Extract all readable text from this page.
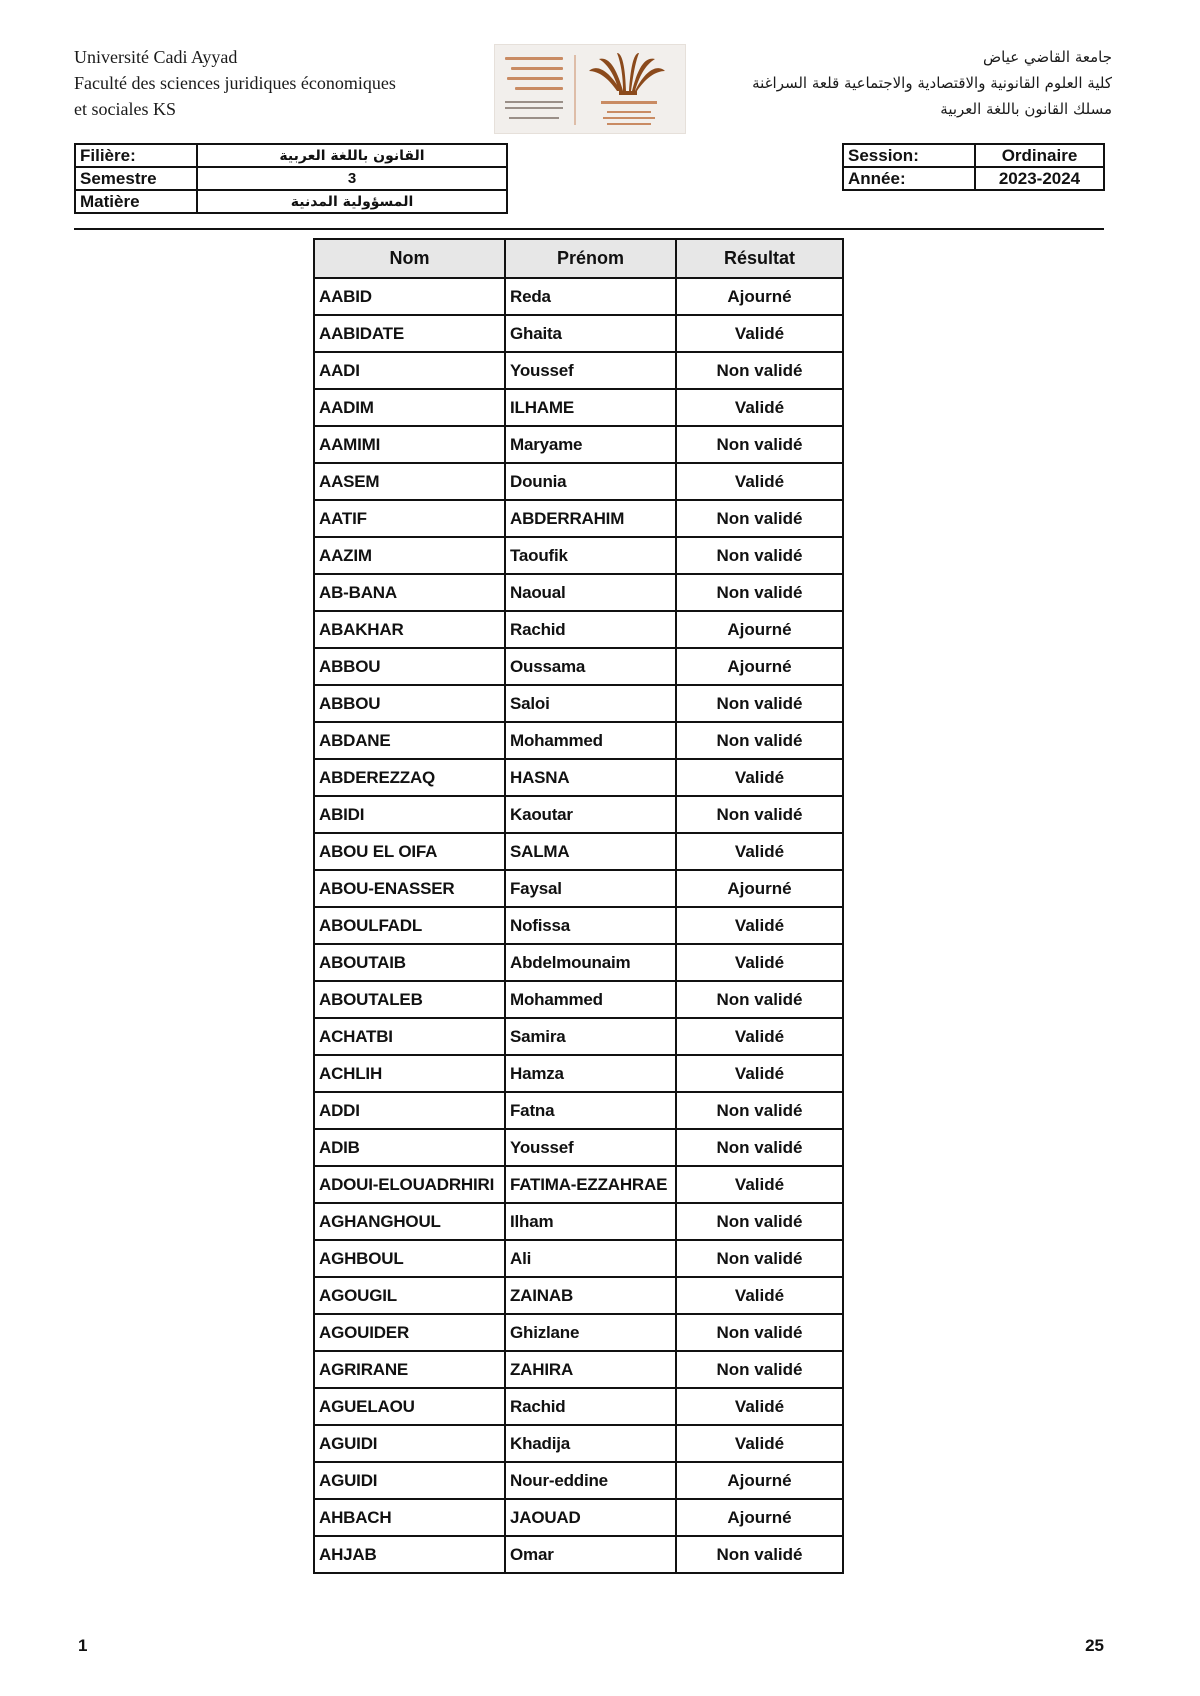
Université Cadi Ayyad
Faculté des sciences juridiques économiques
et sociales KS
جامعة القاضي عياض
كلية العلوم القانونية والاقتصادية والاجتماعية قلعة السراغنة
مسلك القانون باللغة العربية
Filière:	القانون باللغة العربية
Semestre	3
Matière	المسؤولية المدنية
Session:	Ordinaire
Année:	2023-2024
Nom	Prénom	Résultat
AABID	Reda	Ajourné
AABIDATE	Ghaita	Validé
AADI	Youssef	Non validé
AADIM	ILHAME	Validé
AAMIMI	Maryame	Non validé
AASEM	Dounia	Validé
AATIF	ABDERRAHIM	Non validé
AAZIM	Taoufik	Non validé
AB-BANA	Naoual	Non validé
ABAKHAR	Rachid	Ajourné
ABBOU	Oussama	Ajourné
ABBOU	Saloi	Non validé
ABDANE	Mohammed	Non validé
ABDEREZZAQ	HASNA	Validé
ABIDI	Kaoutar	Non validé
ABOU EL OIFA	SALMA	Validé
ABOU-ENASSER	Faysal	Ajourné
ABOULFADL	Nofissa	Validé
ABOUTAIB	Abdelmounaim	Validé
ABOUTALEB	Mohammed	Non validé
ACHATBI	Samira	Validé
ACHLIH	Hamza	Validé
ADDI	Fatna	Non validé
ADIB	Youssef	Non validé
ADOUI-ELOUADRHIRI	FATIMA-EZZAHRAE	Validé
AGHANGHOUL	Ilham	Non validé
AGHBOUL	Ali	Non validé
AGOUGIL	ZAINAB	Validé
AGOUIDER	Ghizlane	Non validé
AGRIRANE	ZAHIRA	Non validé
AGUELAOU	Rachid	Validé
AGUIDI	Khadija	Validé
AGUIDI	Nour-eddine	Ajourné
AHBACH	JAOUAD	Ajourné
AHJAB	Omar	Non validé
1	25
